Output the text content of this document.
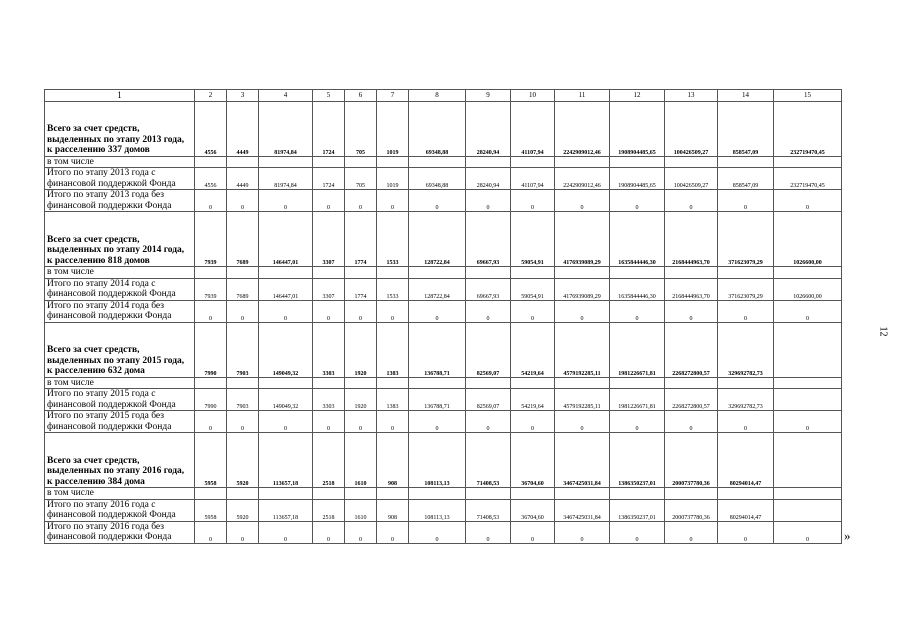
1	2	3	4	5	6	7	8	9	10	11	12	13	14	15
Всего за счет средств, выделенных по этапу 2013 года, к расселению 337 домов	4556	4449	81974,84	1724	705	1019	69348,88	28240,94	41107,94	2242909012,46	1908904485,65	100426509,27	858547,09	232719470,45
в том числе														
Итого по этапу 2013 года с финансовой поддержкой Фонда	4556	4449	81974,84	1724	705	1019	69348,88	28240,94	41107,94	2242909012,46	1908904485,65	100426509,27	858547,09	232719470,45
Итого по этапу 2013 года без финансовой поддержки Фонда	0	0	0	0	0	0	0	0	0	0	0	0	0	0
Всего за счет средств, выделенных по этапу 2014 года, к расселению 818 домов	7939	7689	146447,01	3307	1774	1533	128722,84	69667,93	59054,91	4176939089,29	1635844446,30	2168444963,70	371623079,29	1026600,00
в том числе														
Итого по этапу 2014 года с финансовой поддержкой Фонда	7939	7689	146447,01	3307	1774	1533	128722,84	69667,93	59054,91	4176939089,29	1635844446,30	2168444963,70	371623079,29	1026600,00
Итого по этапу 2014 года без финансовой поддержки Фонда	0	0	0	0	0	0	0	0	0	0	0	0	0	0
Всего за счет средств, выделенных по этапу 2015 года, к расселению 632 дома	7990	7903	149049,32	3303	1920	1383	136788,71	82569,07	54219,64	4579192285,11	1981226671,81	2268272800,57	329692782,73	
в том числе														
Итого по этапу 2015 года с финансовой поддержкой Фонда	7990	7903	149049,32	3303	1920	1383	136788,71	82569,07	54219,64	4579192285,11	1981226671,81	2268272800,57	329692782,73	
Итого по этапу 2015 года без финансовой поддержки Фонда	0	0	0	0	0	0	0	0	0	0	0	0	0	0
Всего за счет средств, выделенных по этапу 2016 года, к расселению 384 дома	5958	5920	113657,18	2518	1610	908	108113,13	71408,53	36704,60	3467425031,84	1386350237,01	2000737780,36	80294014,47	
в том числе														
Итого по этапу 2016 года с финансовой поддержкой Фонда	5958	5920	113657,18	2518	1610	908	108113,13	71408,53	36704,60	3467425031,84	1386350237,01	2000737780,36	80294014,47	
Итого по этапу 2016 года без финансовой поддержки Фонда	0	0	0	0	0	0	0	0	0	0	0	0	0	0
12
»
